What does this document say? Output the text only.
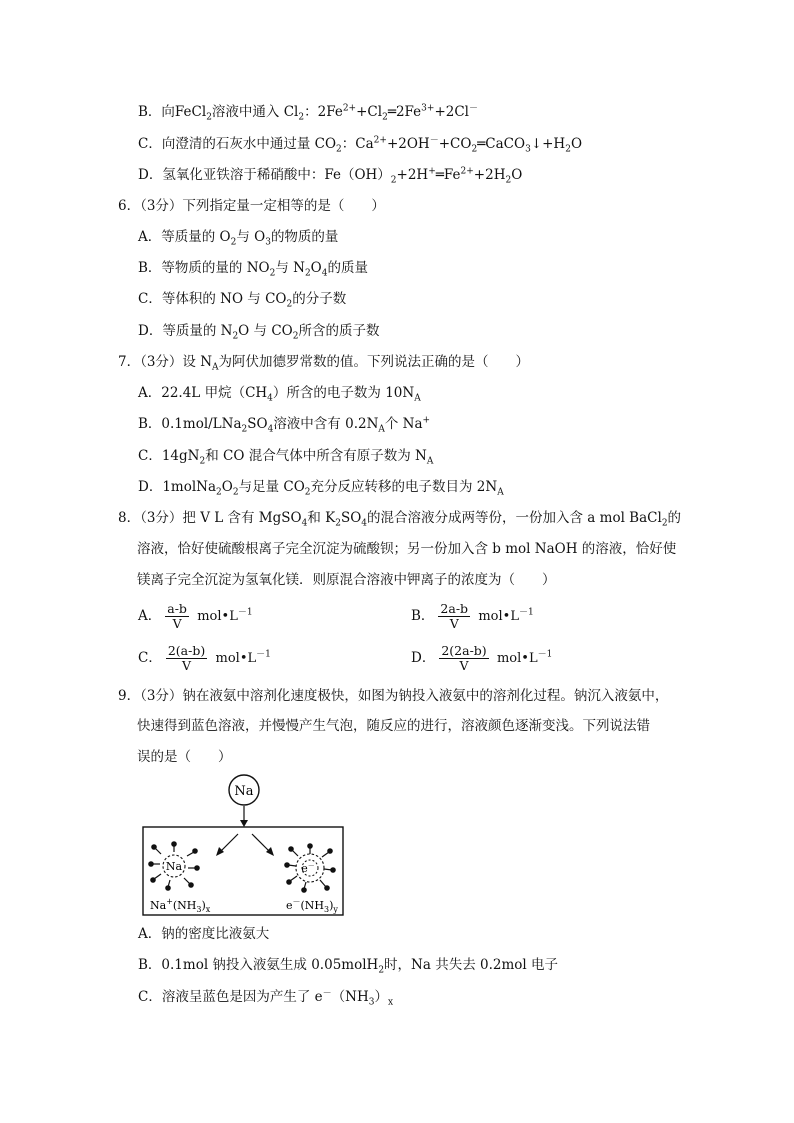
B．向FeCl$_2$溶液中通入 $Cl_2$：$2Fe^{2+}+Cl_2═2Fe^{3+}+2Cl^-$
C．向澄清的石灰水中通过量 $CO_2$：$Ca^{2+}+2OH^-+CO_2═CaCO_3↓+H_2O$
D．氢氧化亚铁溶于稀硝酸中：$Fe(OH)_2+2H^+═Fe^{2+}+2H_2O$
6．（3分）下列指定量一定相等的是（　　）
A．等质量的 $O_2$与 $O_3$的物质的量
B．等物质的量的 $NO_2$与 $N_2O_4$的质量
C．等体积的 NO 与 $CO_2$的分子数
D．等质量的 $N_2O$ 与 $CO_2$所含的质子数
7．（3分）设 $N_A$为阿伏加德罗常数的值。下列说法正确的是（　　）
A．22.4L 甲烷$(CH_4)$所含的电子数为 $10N_A$
B．$0.1mol/LNa_2SO_4$溶液中含有 $0.2N_A$个 Na+
C．$14gN_2$和 CO 混合气体中所含有原子数为 $N_A$
D．$1molNa_2O_2$与足量 $CO_2$充分反应转移的电子数目为 $2N_A$
8．（3分）把 V L 含有 MgSO$_4$和 $K_2SO_4$的混合溶液分成两等份，一份加入含 a mol BaCl$_2$的
溶液，恰好使硫酸根离子完全沉淀为硫酸钡；另一份加入含 b mol NaOH 的溶液，恰好使
镁离子完全沉淀为氢氧化镁．则原混合溶液中钾离子的浓度为（　　）
A． $\frac{a-b}{V}$ $mol•L^{-1}$	B． $\frac{2a-b}{V}$ $mol•L^{-1}$
C． $\frac{2(a-b)}{V}$ $mol•L^{-1}$	D． $\frac{2(2a-b)}{V}$ $mol•L^{-1}$
9．（3分）钠在液氨中溶剂化速度极快，如图为钠投入液氨中的溶剂化过程。钠沉入液氨中，
快速得到蓝色溶液，并慢慢产生气泡，随反应的进行，溶液颜色逐渐变浅。下列说法错
误的是（　　）
Na
Na
$Na^+(NH_3)_x$
e－
$e^-(NH_3)_y$
A．钠的密度比液氨大
B．0.1mol 钠投入液氨生成 0.05molH$_2$时，Na 共失去 0.2mol 电子
C．溶液呈蓝色是因为产生了 $e^-(NH_3)_x$
